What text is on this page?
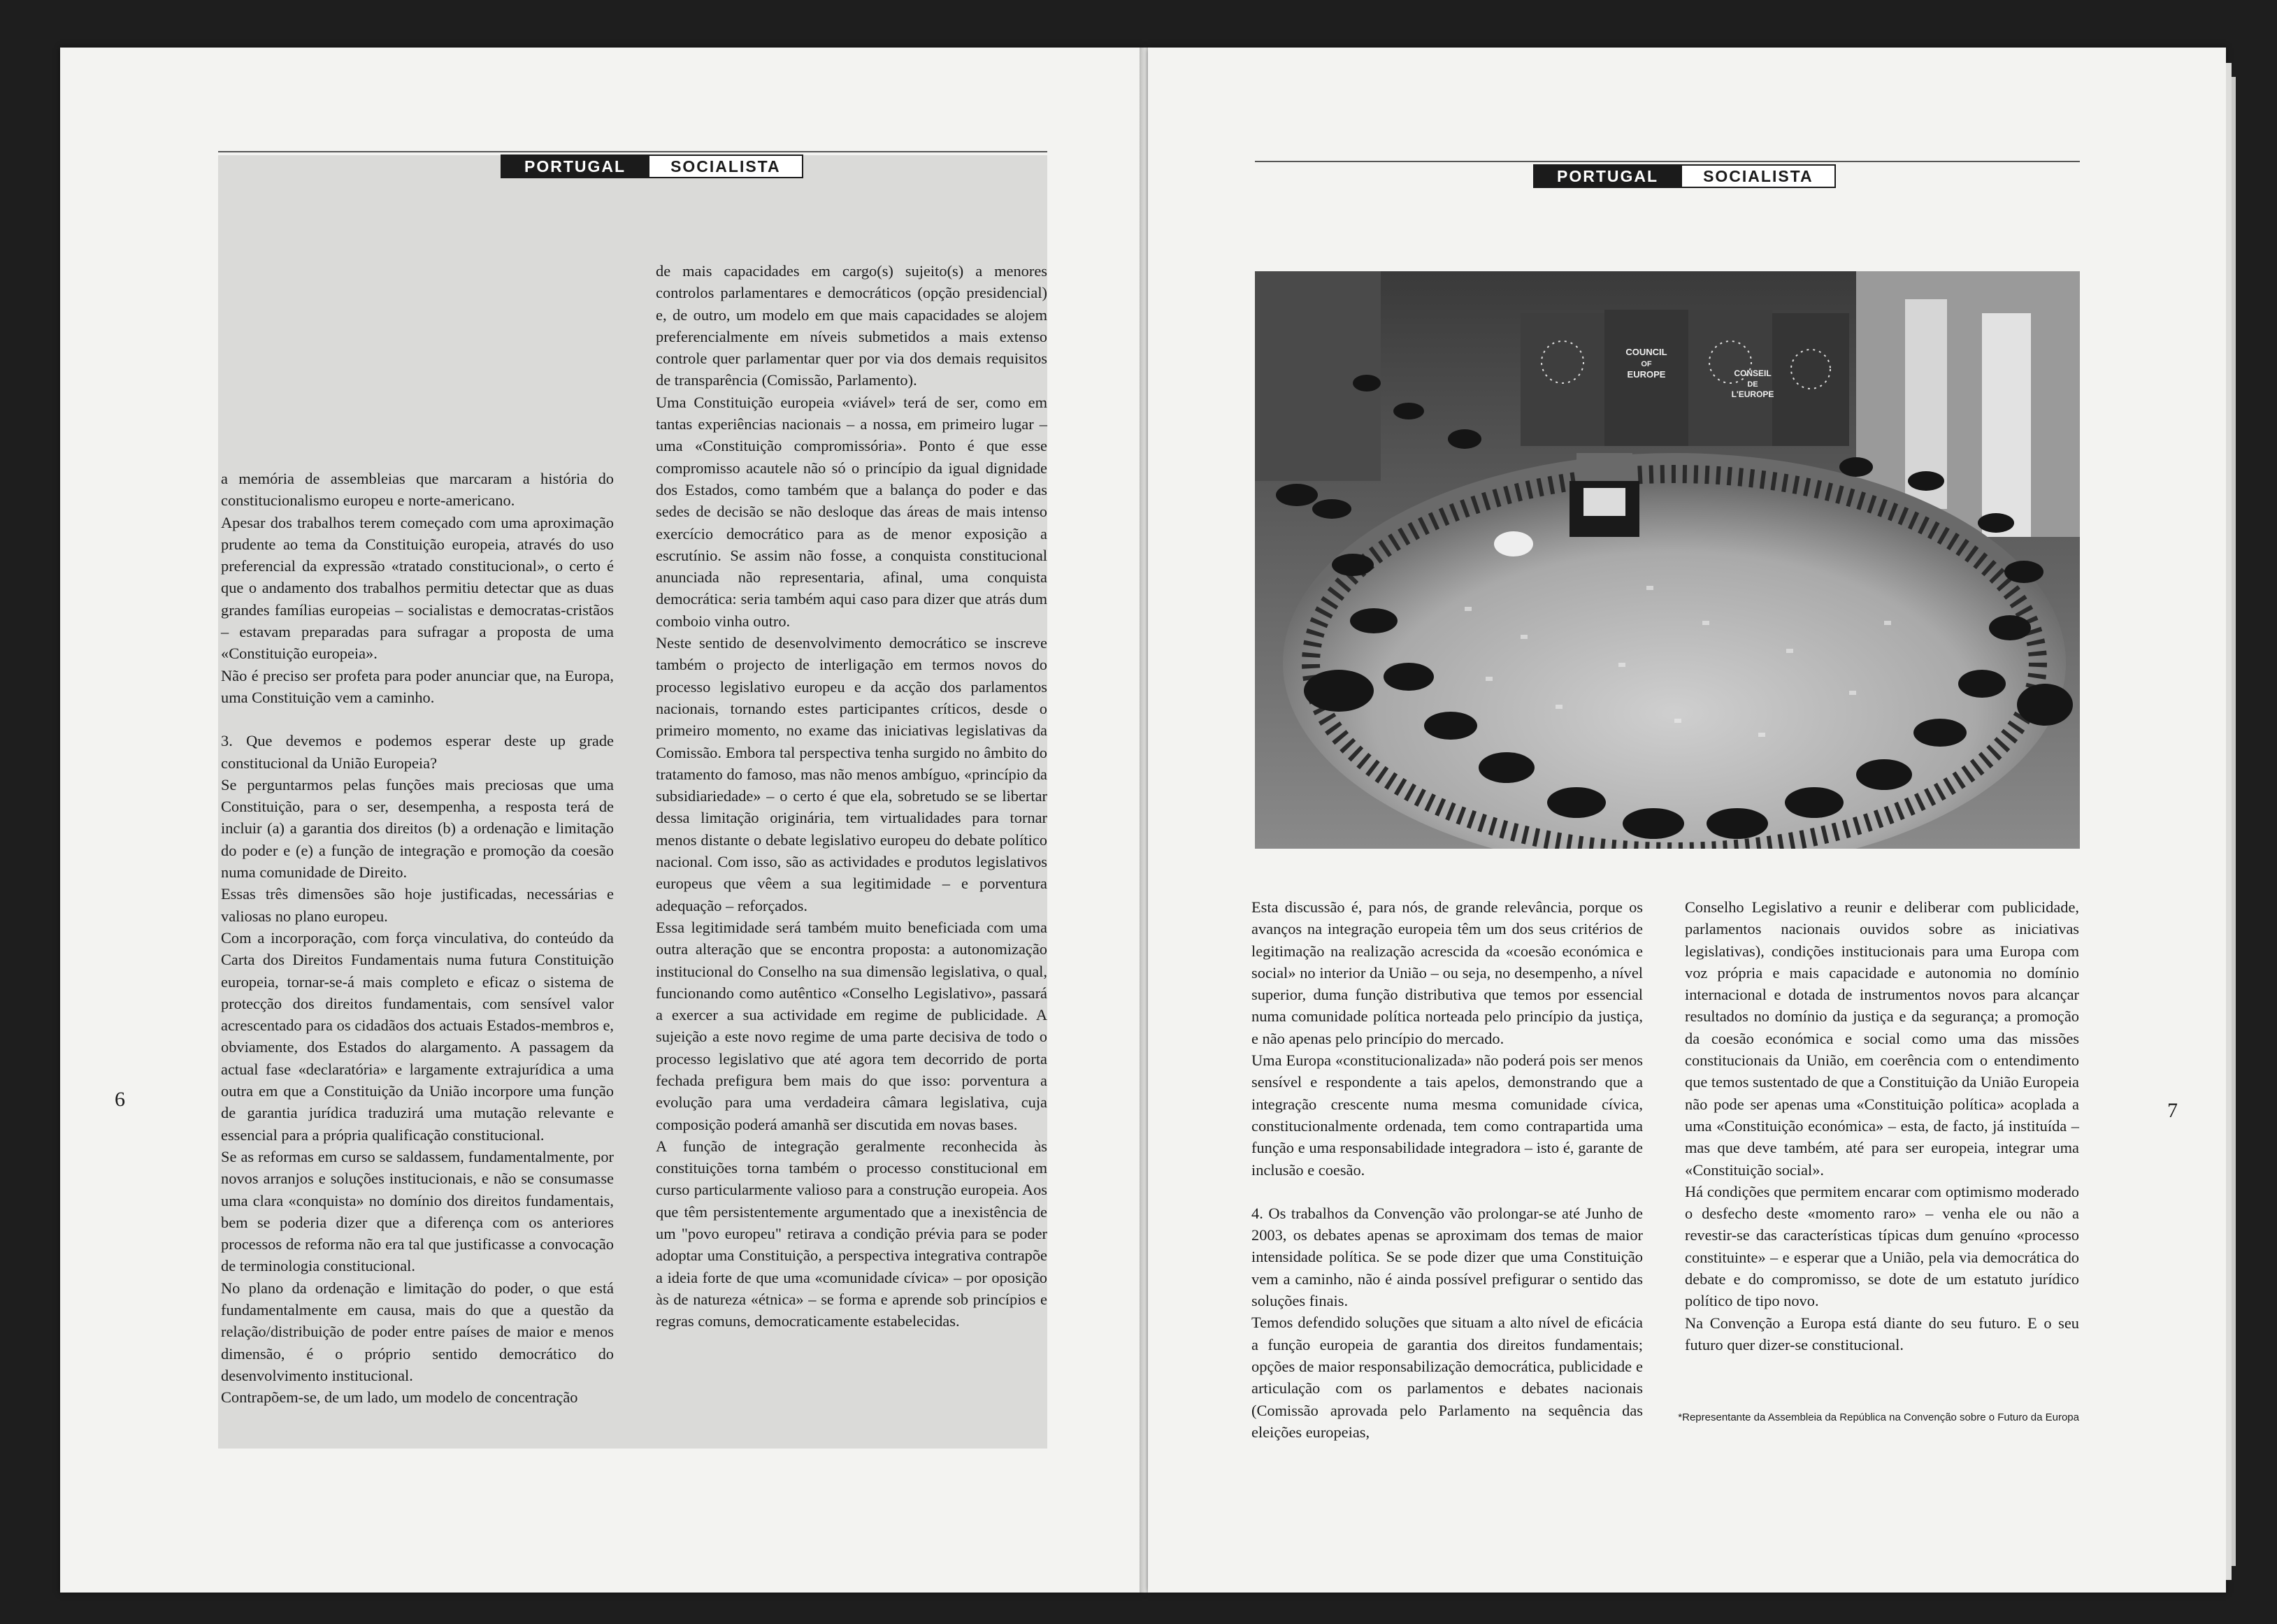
PORTUGAL	SOCIALISTA

a memória de assembleias que marcaram a história do constitucionalismo europeu e norte-americano.

Apesar dos trabalhos terem começado com uma aproximação prudente ao tema da Constituição europeia, através do uso preferencial da expressão «tratado constitucional», o certo é que o andamento dos trabalhos permitiu detectar que as duas grandes famílias europeias – socialistas e democratas-cristãos – estavam preparadas para sufragar a proposta de uma «Constituição europeia».

Não é preciso ser profeta para poder anunciar que, na Europa, uma Constituição vem a caminho.

3. Que devemos e podemos esperar deste up grade constitucional da União Europeia?

Se perguntarmos pelas funções mais preciosas que uma Constituição, para o ser, desempenha, a resposta terá de incluir (a) a garantia dos direitos (b) a ordenação e limitação do poder e (e) a função de integração e promoção da coesão numa comunidade de Direito.

Essas três dimensões são hoje justificadas, necessárias e valiosas no plano europeu.

Com a incorporação, com força vinculativa, do conteúdo da Carta dos Direitos Fundamentais numa futura Constituição europeia, tornar-se-á mais completo e eficaz o sistema de protecção dos direitos fundamentais, com sensível valor acrescentado para os cidadãos dos actuais Estados-membros e, obviamente, dos Estados do alargamento. A passagem da actual fase «declaratória» e largamente extrajurídica a uma outra em que a Constituição da União incorpore uma função de garantia jurídica traduzirá uma mutação relevante e essencial para a própria qualificação constitucional.

Se as reformas em curso se saldassem, fundamentalmente, por novos arranjos e soluções institucionais, e não se consumasse uma clara «conquista» no domínio dos direitos fundamentais, bem se poderia dizer que a diferença com os anteriores processos de reforma não era tal que justificasse a convocação de terminologia constitucional.

No plano da ordenação e limitação do poder, o que está fundamentalmente em causa, mais do que a questão da relação/distribuição de poder entre países de maior e menos dimensão, é o próprio sentido democrático do desenvolvimento institucional.

Contrapõem-se, de um lado, um modelo de concentração

de mais capacidades em cargo(s) sujeito(s) a menores controlos parlamentares e democráticos (opção presidencial) e, de outro, um modelo em que mais capacidades se alojem preferencialmente em níveis submetidos a mais extenso controle quer parlamentar quer por via dos demais requisitos de transparência (Comissão, Parlamento).

Uma Constituição europeia «viável» terá de ser, como em tantas experiências nacionais – a nossa, em primeiro lugar – uma «Constituição compromissória». Ponto é que esse compromisso acautele não só o princípio da igual dignidade dos Estados, como também que a balança do poder e das sedes de decisão se não desloque das áreas de mais intenso exercício democrático para as de menor exposição a escrutínio. Se assim não fosse, a conquista constitucional anunciada não representaria, afinal, uma conquista democrática: seria também aqui caso para dizer que atrás dum comboio vinha outro.

Neste sentido de desenvolvimento democrático se inscreve também o projecto de interligação em termos novos do processo legislativo europeu e da acção dos parlamentos nacionais, tornando estes participantes críticos, desde o primeiro momento, no exame das iniciativas legislativas da Comissão. Embora tal perspectiva tenha surgido no âmbito do tratamento do famoso, mas não menos ambíguo, «princípio da subsidiariedade» – o certo é que ela, sobretudo se se libertar dessa limitação originária, tem virtualidades para tornar menos distante o debate legislativo europeu do debate político nacional. Com isso, são as actividades e produtos legislativos europeus que vêem a sua legitimidade – e porventura adequação – reforçados.

Essa legitimidade será também muito beneficiada com uma outra alteração que se encontra proposta: a autonomização institucional do Conselho na sua dimensão legislativa, o qual, funcionando como autêntico «Conselho Legislativo», passará a exercer a sua actividade em regime de publicidade. A sujeição a este novo regime de uma parte decisiva de todo o processo legislativo que até agora tem decorrido de porta fechada prefigura bem mais do que isso: porventura a evolução para uma verdadeira câmara legislativa, cuja composição poderá amanhã ser discutida em novas bases.

A função de integração geralmente reconhecida às constituições torna também o processo constitucional em curso particularmente valioso para a construção europeia. Aos que têm persistentemente argumentado que a inexistência de um "povo europeu" retirava a condição prévia para se poder adoptar uma Constituição, a perspectiva integrativa contrapõe a ideia forte de que uma «comunidade cívica» – por oposição às de natureza «étnica» – se forma e aprende sob princípios e regras comuns, democraticamente estabelecidas.

6
PORTUGAL	SOCIALISTA
COUNCIL
OF
EUROPE	CONSEIL
DE
L'EUROPE

Esta discussão é, para nós, de grande relevância, porque os avanços na integração europeia têm um dos seus critérios de legitimação na realização acrescida da «coesão económica e social» no interior da União – ou seja, no desempenho, a nível superior, duma função distributiva que temos por essencial numa comunidade política norteada pelo princípio da justiça, e não apenas pelo princípio do mercado.

Uma Europa «constitucionalizada» não poderá pois ser menos sensível e respondente a tais apelos, demonstrando que a integração crescente numa mesma comunidade cívica, constitucionalmente ordenada, tem como contrapartida uma função e uma responsabilidade integradora – isto é, garante de inclusão e coesão.

4. Os trabalhos da Convenção vão prolongar-se até Junho de 2003, os debates apenas se aproximam dos temas de maior intensidade política. Se se pode dizer que uma Constituição vem a caminho, não é ainda possível prefigurar o sentido das soluções finais.

Temos defendido soluções que situam a alto nível de eficácia a função europeia de garantia dos direitos fundamentais; opções de maior responsabilização democrática, publicidade e articulação com os parlamentos e debates nacionais (Comissão aprovada pelo Parlamento na sequência das eleições europeias,

Conselho Legislativo a reunir e deliberar com publicidade, parlamentos nacionais ouvidos sobre as iniciativas legislativas), condições institucionais para uma Europa com voz própria e mais capacidade e autonomia no domínio internacional e dotada de instrumentos novos para alcançar resultados no domínio da justiça e da segurança; a promoção da coesão económica e social como uma das missões constitucionais da União, em coerência com o entendimento que temos sustentado de que a Constituição da União Europeia não pode ser apenas uma «Constituição política» acoplada a uma «Constituição económica» – esta, de facto, já instituída – mas que deve também, até para ser europeia, integrar uma «Constituição social».

Há condições que permitem encarar com optimismo moderado o desfecho deste «momento raro» – venha ele ou não a revestir-se das características típicas dum genuíno «processo constituinte» – e esperar que a União, pela via democrática do debate e do compromisso, se dote de um estatuto jurídico político de tipo novo.

Na Convenção a Europa está diante do seu futuro. E o seu futuro quer dizer-se constitucional.

*Representante da Assembleia da República na Convenção sobre o Futuro da Europa
7
